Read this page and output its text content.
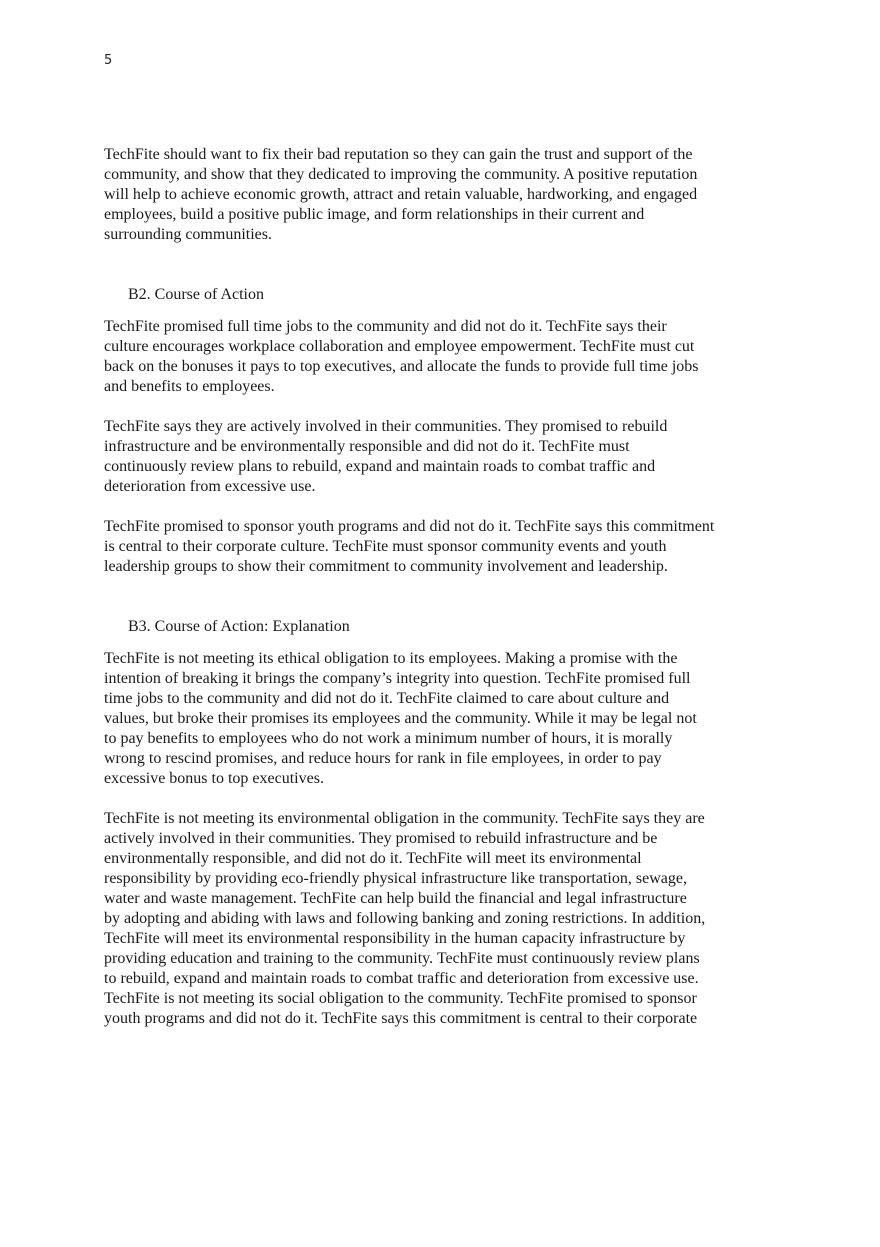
5

TechFite should want to fix their bad reputation so they can gain the trust and support of the
community, and show that they dedicated to improving the community. A positive reputation
will help to achieve economic growth, attract and retain valuable, hardworking, and engaged
employees, build a positive public image, and form relationships in their current and
surrounding communities.

B2. Course of Action

TechFite promised full time jobs to the community and did not do it. TechFite says their
culture encourages workplace collaboration and employee empowerment. TechFite must cut
back on the bonuses it pays to top executives, and allocate the funds to provide full time jobs
and benefits to employees.

TechFite says they are actively involved in their communities. They promised to rebuild
infrastructure and be environmentally responsible and did not do it. TechFite must
continuously review plans to rebuild, expand and maintain roads to combat traffic and
deterioration from excessive use.

TechFite promised to sponsor youth programs and did not do it. TechFite says this commitment
is central to their corporate culture. TechFite must sponsor community events and youth
leadership groups to show their commitment to community involvement and leadership.

B3. Course of Action: Explanation

TechFite is not meeting its ethical obligation to its employees. Making a promise with the
intention of breaking it brings the company’s integrity into question. TechFite promised full
time jobs to the community and did not do it. TechFite claimed to care about culture and
values, but broke their promises its employees and the community. While it may be legal not
to pay benefits to employees who do not work a minimum number of hours, it is morally
wrong to rescind promises, and reduce hours for rank in file employees, in order to pay
excessive bonus to top executives.

TechFite is not meeting its environmental obligation in the community. TechFite says they are
actively involved in their communities. They promised to rebuild infrastructure and be
environmentally responsible, and did not do it. TechFite will meet its environmental
responsibility by providing eco-friendly physical infrastructure like transportation, sewage,
water and waste management. TechFite can help build the financial and legal infrastructure
by adopting and abiding with laws and following banking and zoning restrictions. In addition,
TechFite will meet its environmental responsibility in the human capacity infrastructure by
providing education and training to the community. TechFite must continuously review plans
to rebuild, expand and maintain roads to combat traffic and deterioration from excessive use.
TechFite is not meeting its social obligation to the community. TechFite promised to sponsor
youth programs and did not do it. TechFite says this commitment is central to their corporate
